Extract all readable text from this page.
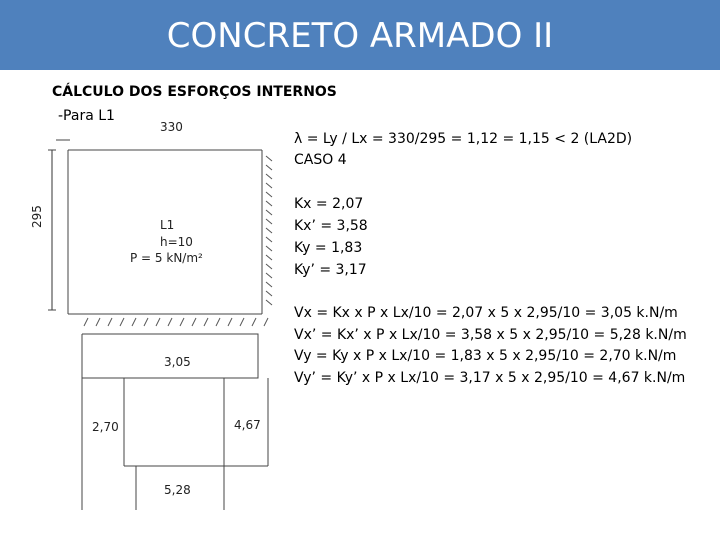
CONCRETO ARMADO II
CÁLCULO DOS ESFORÇOS INTERNOS
-Para L1
330
295	L1
h=10
P = 5 kN/m²
3,05
2,70	4,67
5,28
λ = Ly / Lx = 330/295 = 1,12 = 1,15 < 2 (LA2D)
CASO 4
Kx = 2,07
Kx’ = 3,58
Ky = 1,83
Ky’ = 3,17
Vx = Kx x P x Lx/10 = 2,07 x 5 x 2,95/10 = 3,05 k.N/m
Vx’ = Kx’ x P x Lx/10 = 3,58 x 5 x 2,95/10 = 5,28 k.N/m
Vy = Ky x P x Lx/10 = 1,83 x 5 x 2,95/10 = 2,70 k.N/m
Vy’ = Ky’ x P x Lx/10 = 3,17 x 5 x 2,95/10 = 4,67 k.N/m
